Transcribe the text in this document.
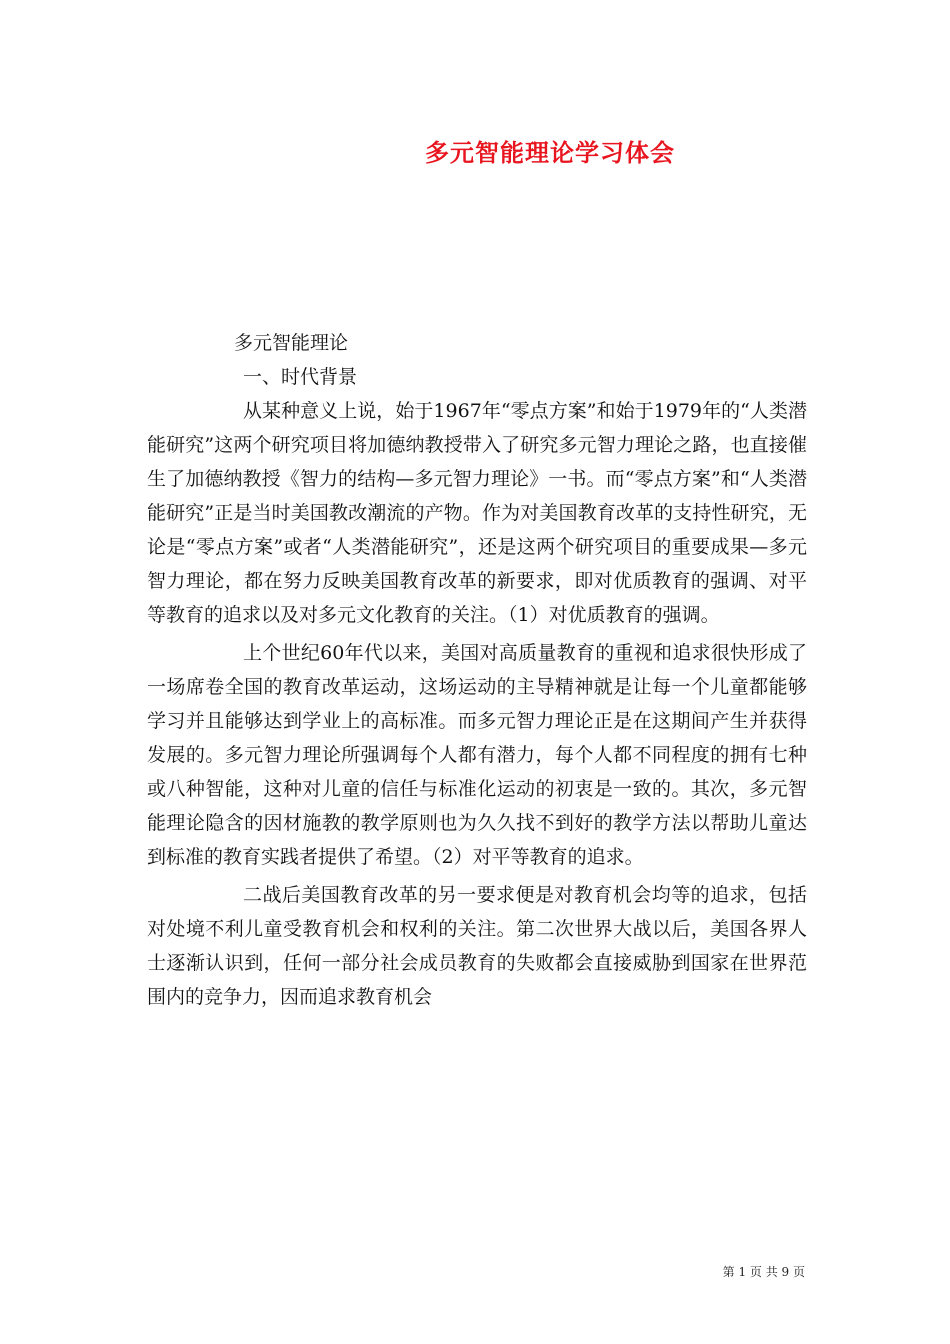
多元智能理论学习体会

多元智能理论

一、时代背景

从某种意义上说，始于1967年“零点方案”和始于1979年的“人类潜能研究”这两个研究项目将加德纳教授带入了研究多元智力理论之路，也直接催生了加德纳教授《智力的结构—多元智力理论》一书。而“零点方案”和“人类潜能研究”正是当时美国教改潮流的产物。作为对美国教育改革的支持性研究，无论是“零点方案”或者“人类潜能研究”，还是这两个研究项目的重要成果—多元智力理论，都在努力反映美国教育改革的新要求，即对优质教育的强调、对平等教育的追求以及对多元文化教育的关注。（1）对优质教育的强调。

上个世纪60年代以来，美国对高质量教育的重视和追求很快形成了一场席卷全国的教育改革运动，这场运动的主导精神就是让每一个儿童都能够学习并且能够达到学业上的高标准。而多元智力理论正是在这期间产生并获得发展的。多元智力理论所强调每个人都有潜力，每个人都不同程度的拥有七种或八种智能，这种对儿童的信任与标准化运动的初衷是一致的。其次，多元智能理论隐含的因材施教的教学原则也为久久找不到好的教学方法以帮助儿童达到标准的教育实践者提供了希望。（2）对平等教育的追求。

二战后美国教育改革的另一要求便是对教育机会均等的追求，包括对处境不利儿童受教育机会和权利的关注。第二次世界大战以后，美国各界人士逐渐认识到，任何一部分社会成员教育的失败都会直接威胁到国家在世界范围内的竞争力，因而追求教育机会

第 1 页 共 9 页
